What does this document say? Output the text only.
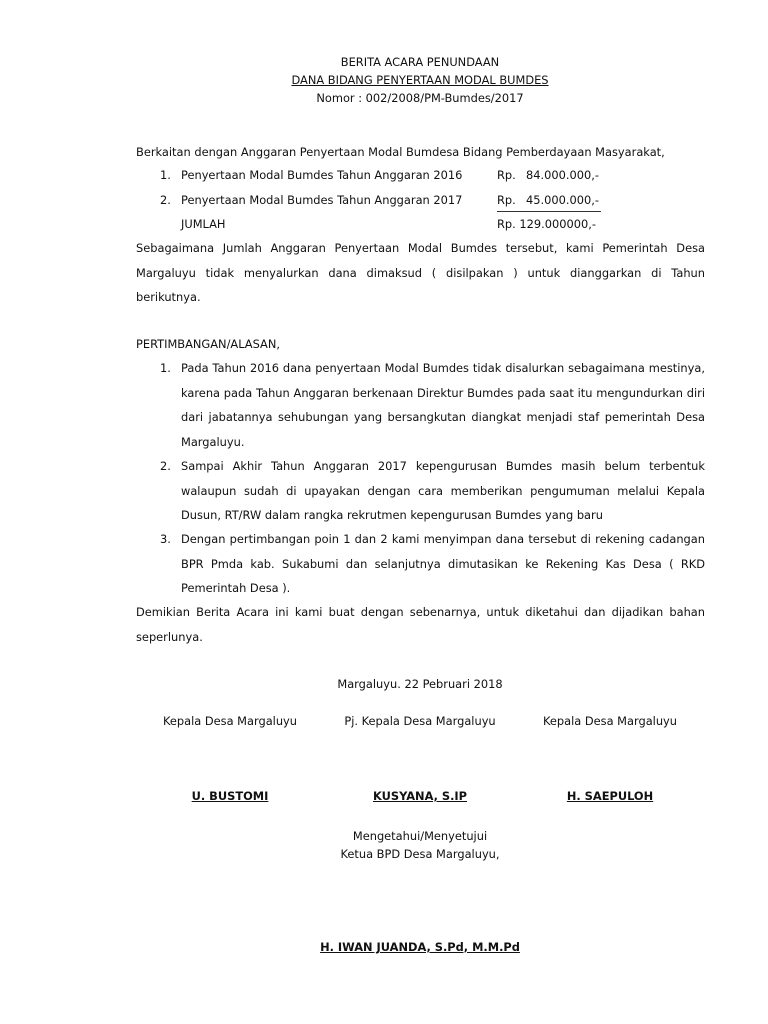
BERITA ACARA PENUNDAAN
DANA BIDANG PENYERTAAN MODAL BUMDES
Nomor : 002/2008/PM-Bumdes/2017
Berkaitan dengan Anggaran Penyertaan Modal Bumdesa Bidang Pemberdayaan Masyarakat,
1. Penyertaan Modal Bumdes Tahun Anggaran 2016	Rp. 84.000.000,-
2. Penyertaan Modal Bumdes Tahun Anggaran 2017	Rp. 45.000.000,-
JUMLAH	Rp. 129.000000,-
Sebagaimana Jumlah Anggaran Penyertaan Modal Bumdes tersebut, kami Pemerintah Desa Margaluyu tidak menyalurkan dana dimaksud ( disilpakan ) untuk dianggarkan di Tahun berikutnya.
PERTIMBANGAN/ALASAN,
1. Pada Tahun 2016 dana penyertaan Modal Bumdes tidak disalurkan sebagaimana mestinya, karena pada Tahun Anggaran berkenaan Direktur Bumdes pada saat itu mengundurkan diri dari jabatannya sehubungan yang bersangkutan diangkat menjadi staf pemerintah Desa Margaluyu.
2. Sampai Akhir Tahun Anggaran 2017 kepengurusan Bumdes masih belum terbentuk walaupun sudah di upayakan dengan cara memberikan pengumuman melalui Kepala Dusun, RT/RW dalam rangka rekrutmen kepengurusan Bumdes yang baru
3. Dengan pertimbangan poin 1 dan 2 kami menyimpan dana tersebut di rekening cadangan BPR Pmda kab. Sukabumi dan selanjutnya dimutasikan ke Rekening Kas Desa ( RKD Pemerintah Desa ).
Demikian Berita Acara ini kami buat dengan sebenarnya, untuk diketahui dan dijadikan bahan seperlunya.
Margaluyu. 22 Pebruari 2018
Kepala Desa Margaluyu	Pj. Kepala Desa Margaluyu	Kepala Desa Margaluyu
U. BUSTOMI	KUSYANA, S.IP	H. SAEPULOH
Mengetahui/Menyetujui
Ketua BPD Desa Margaluyu,
H. IWAN JUANDA, S.Pd, M.M.Pd
